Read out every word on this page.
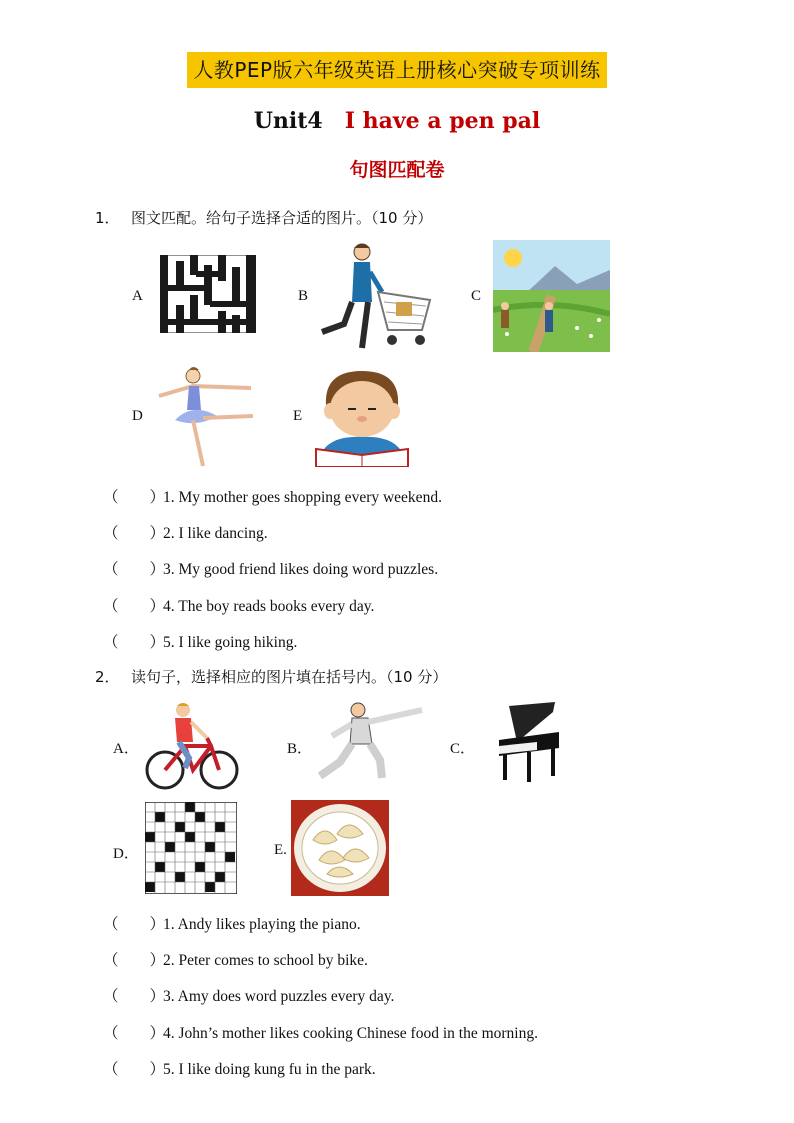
人教PEP版六年级英语上册核心突破专项训练
Unit4 I have a pen pal
句图匹配卷
1． 图文匹配。给句子选择合适的图片。（10 分）
A	B	C
D	E
（　　）1. My mother goes shopping every weekend.
（　　）2. I like dancing.
（　　）3. My good friend likes doing word puzzles.
（　　）4. The boy reads books every day.
（　　）5. I like going hiking.
2． 读句子，选择相应的图片填在括号内。（10 分）
A．	B．	C．
D．	E.
（　　）1. Andy likes playing the piano.
（　　）2. Peter comes to school by bike.
（　　）3. Amy does word puzzles every day.
（　　）4. John’s mother likes cooking Chinese food in the morning.
（　　）5. I like doing kung fu in the park.
